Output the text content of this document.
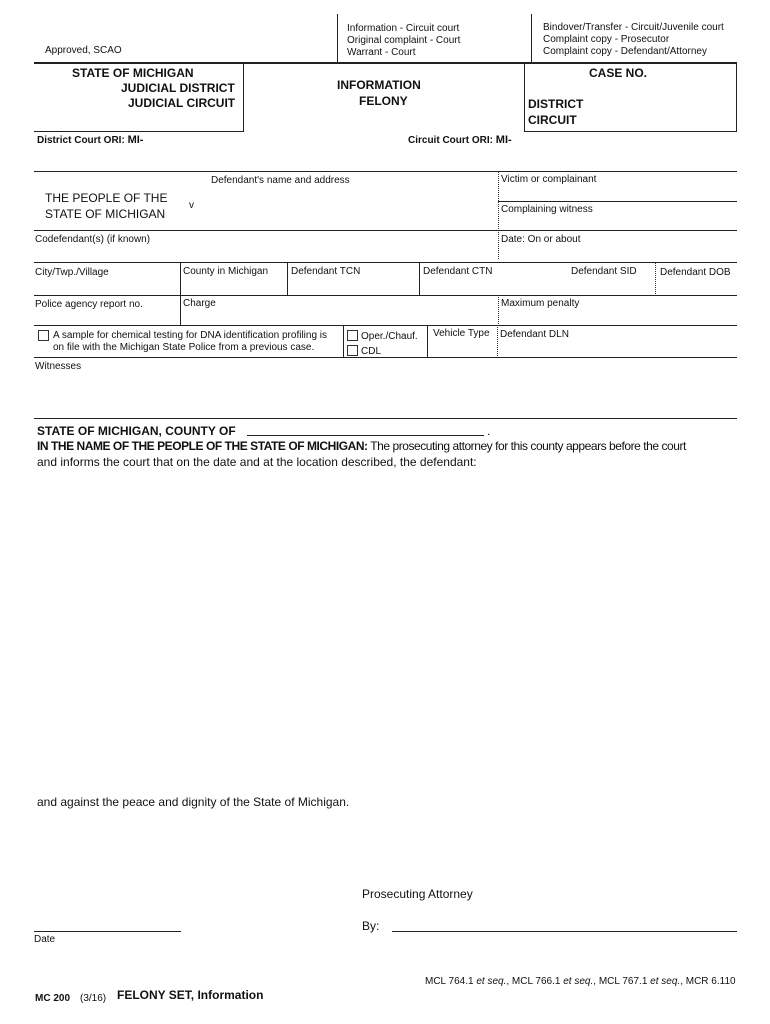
Approved, SCAO
Information - Circuit court
Original complaint - Court
Warrant - Court
Bindover/Transfer - Circuit/Juvenile court
Complaint copy - Prosecutor
Complaint copy - Defendant/Attorney
STATE OF MICHIGAN
JUDICIAL DISTRICT
JUDICIAL CIRCUIT
INFORMATION
FELONY
CASE NO.
DISTRICT
CIRCUIT
District Court ORI: MI-	Circuit Court ORI: MI-
Defendant's name and address
THE PEOPLE OF THE
STATE OF MICHIGAN
v
Victim or complainant
Complaining witness
Codefendant(s) (if known)	Date: On or about
City/Twp./Village	County in Michigan Defendant TCN	Defendant CTN	Defendant SID Defendant DOB
Police agency report no.	Charge	Maximum penalty
A sample for chemical testing for DNA identification profiling is
on file with the Michigan State Police from a previous case.
Oper./Chauf.
CDL
Vehicle Type Defendant DLN
Witnesses
STATE OF MICHIGAN, COUNTY OF	.
IN THE NAME OF THE PEOPLE OF THE STATE OF MICHIGAN: The prosecuting attorney for this county appears before the court
and informs the court that on the date and at the location described, the defendant:
and against the peace and dignity of the State of Michigan.
Prosecuting Attorney
By:
Date
MCL 764.1 et seq., MCL 766.1 et seq., MCL 767.1 et seq., MCR 6.110
MC 200 (3/16) FELONY SET, Information
